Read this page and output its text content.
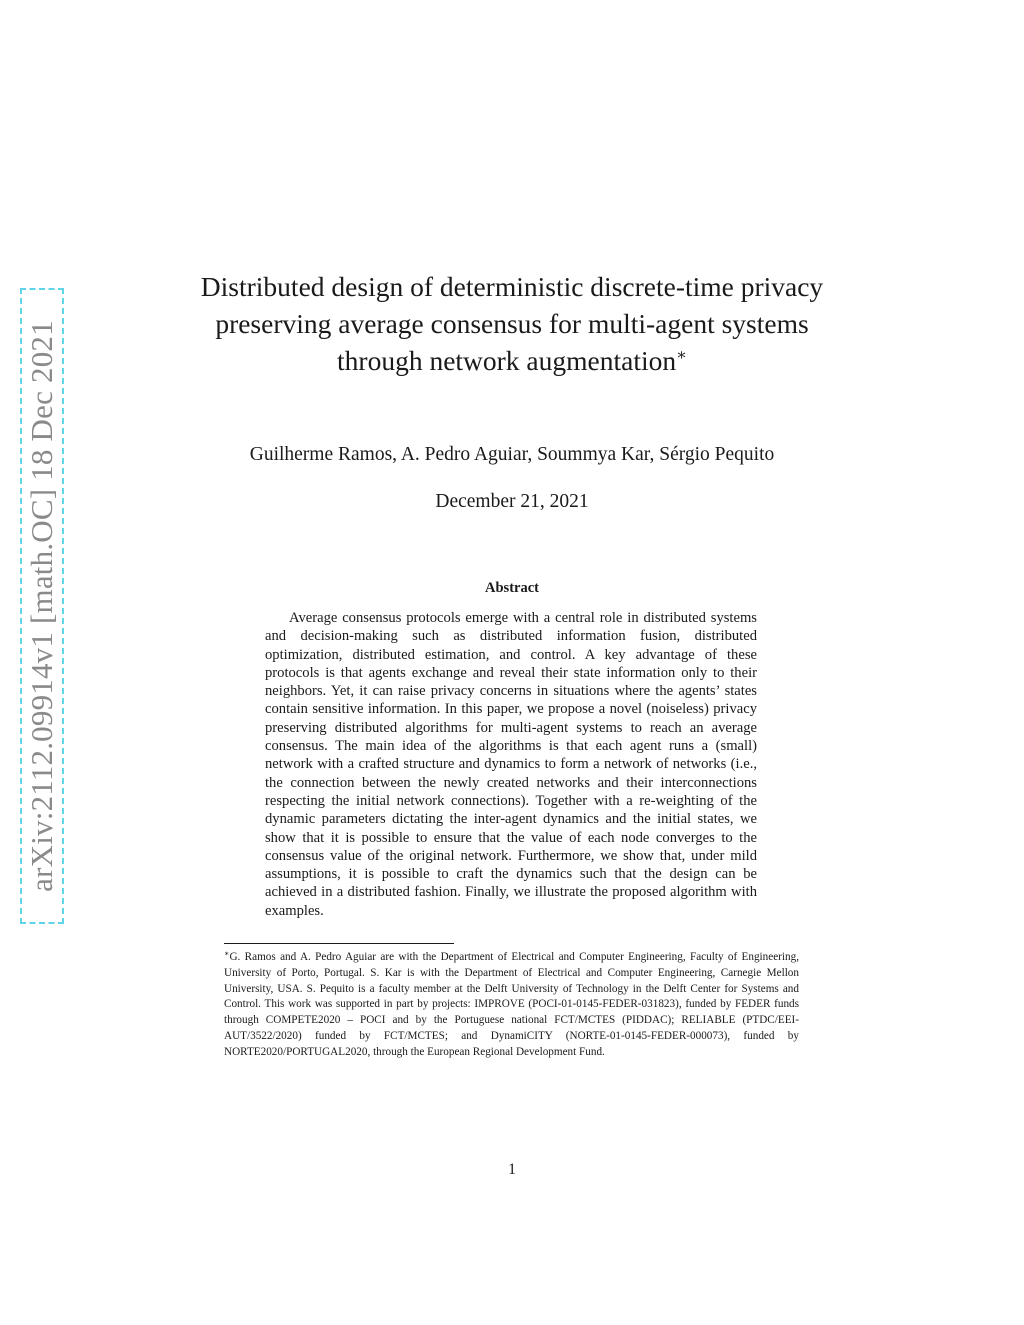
arXiv:2112.09914v1 [math.OC] 18 Dec 2021
Distributed design of deterministic discrete-time privacy preserving average consensus for multi-agent systems through network augmentation∗
Guilherme Ramos, A. Pedro Aguiar, Soummya Kar, Sérgio Pequito
December 21, 2021
Abstract

Average consensus protocols emerge with a central role in distributed systems and decision-making such as distributed information fusion, distributed optimization, distributed estimation, and control. A key advantage of these protocols is that agents exchange and reveal their state information only to their neighbors. Yet, it can raise privacy concerns in situations where the agents’ states contain sensitive information. In this paper, we propose a novel (noiseless) privacy preserving distributed algorithms for multi-agent systems to reach an average consensus. The main idea of the algorithms is that each agent runs a (small) network with a crafted structure and dynamics to form a network of networks (i.e., the connection between the newly created networks and their interconnections respecting the initial network connections). Together with a re-weighting of the dynamic parameters dictating the inter-agent dynamics and the initial states, we show that it is possible to ensure that the value of each node converges to the consensus value of the original network. Furthermore, we show that, under mild assumptions, it is possible to craft the dynamics such that the design can be achieved in a distributed fashion. Finally, we illustrate the proposed algorithm with examples.

∗G. Ramos and A. Pedro Aguiar are with the Department of Electrical and Computer Engineering, Faculty of Engineering, University of Porto, Portugal. S. Kar is with the Department of Electrical and Computer Engineering, Carnegie Mellon University, USA. S. Pequito is a faculty member at the Delft University of Technology in the Delft Center for Systems and Control. This work was supported in part by projects: IMPROVE (POCI-01-0145-FEDER-031823), funded by FEDER funds through COMPETE2020 – POCI and by the Portuguese national FCT/MCTES (PIDDAC); RELIABLE (PTDC/EEI-AUT/3522/2020) funded by FCT/MCTES; and DynamiCITY (NORTE-01-0145-FEDER-000073), funded by NORTE2020/PORTUGAL2020, through the European Regional Development Fund.

1
